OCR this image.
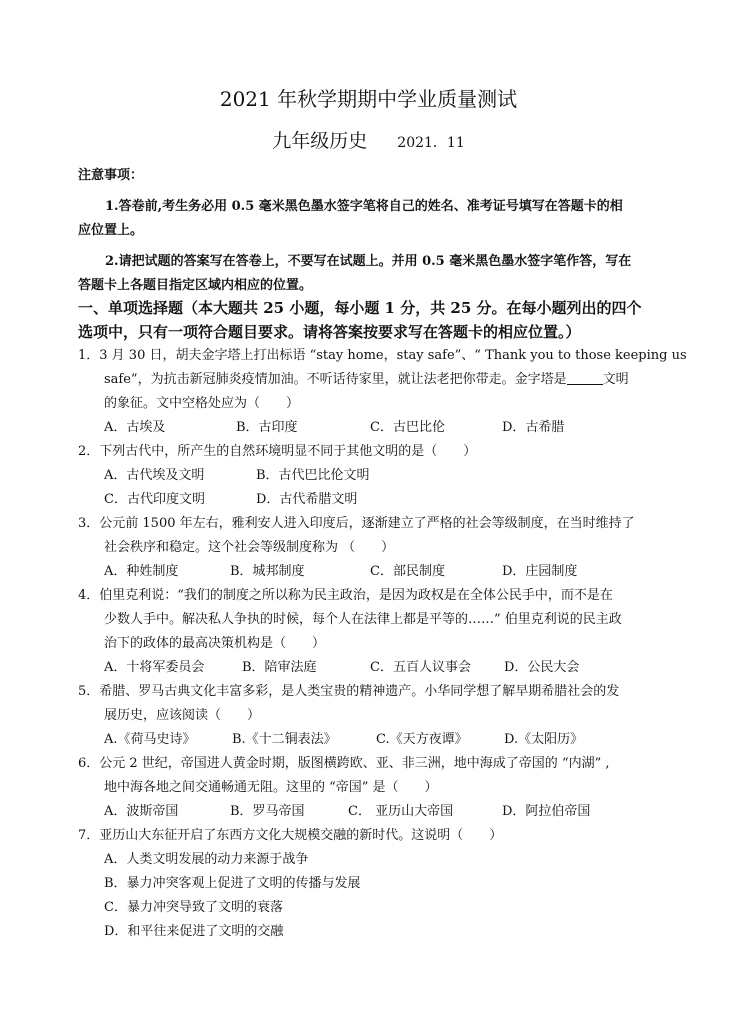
2021 年秋学期期中学业质量测试
九年级历史 2021．11
注意事项：
1.答卷前,考生务必用 0.5 毫米黑色墨水签字笔将自己的姓名、准考证号填写在答题卡的相
应位置上。
2.请把试题的答案写在答卷上，不要写在试题上。并用 0.5 毫米黑色墨水签字笔作答，写在
答题卡上各题目指定区域内相应的位置。
一、单项选择题（本大题共 25 小题，每小题 1 分，共 25 分。在每小题列出的四个
选项中，只有一项符合题目要求。请将答案按要求写在答题卡的相应位置。）
1．3 月 30 日，胡夫金字塔上打出标语 “stay home，stay safe”、“ Thank you to those keeping us
safe”，为抗击新冠肺炎疫情加油。不听话待家里，就让法老把你带走。金字塔是	文明
的象征。文中空格处应为（　　）
A．古埃及	B．古印度	C．古巴比伦	D．古希腊
2．下列古代中，所产生的自然环境明显不同于其他文明的是（　　）
A．古代埃及文明	B．古代巴比伦文明
C．古代印度文明	D．古代希腊文明
3．公元前 1500 年左右，雅利安人进入印度后，逐渐建立了严格的社会等级制度，在当时维持了
社会秩序和稳定。这个社会等级制度称为 （　　）
A．种姓制度	B．城邦制度	C．部民制度	D．庄园制度
4．伯里克利说：“我们的制度之所以称为民主政治，是因为政权是在全体公民手中，而不是在
少数人手中。解决私人争执的时候，每个人在法律上都是平等的……” 伯里克利说的民主政
治下的政体的最高决策机构是（　　）
A．十将军委员会	B．陪审法庭	C．五百人议事会	D．公民大会
5．希腊、罗马古典文化丰富多彩，是人类宝贵的精神遗产。小华同学想了解早期希腊社会的发
展历史，应该阅读（　　）
A.《荷马史诗》	B.《十二铜表法》	C.《天方夜谭》	D.《太阳历》
6．公元 2 世纪，帝国进人黄金时期，版图横跨欧、亚、非三洲，地中海成了帝国的 “内湖” ,
地中海各地之间交通畅通无阻。这里的 “帝国” 是（　　）
A．波斯帝国	B．罗马帝国	C． 亚历山大帝国	D．阿拉伯帝国
7．亚历山大东征开启了东西方文化大规模交融的新时代。这说明（　　）
A．人类文明发展的动力来源于战争
B．暴力冲突客观上促进了文明的传播与发展
C．暴力冲突导致了文明的衰落
D．和平往来促进了文明的交融
